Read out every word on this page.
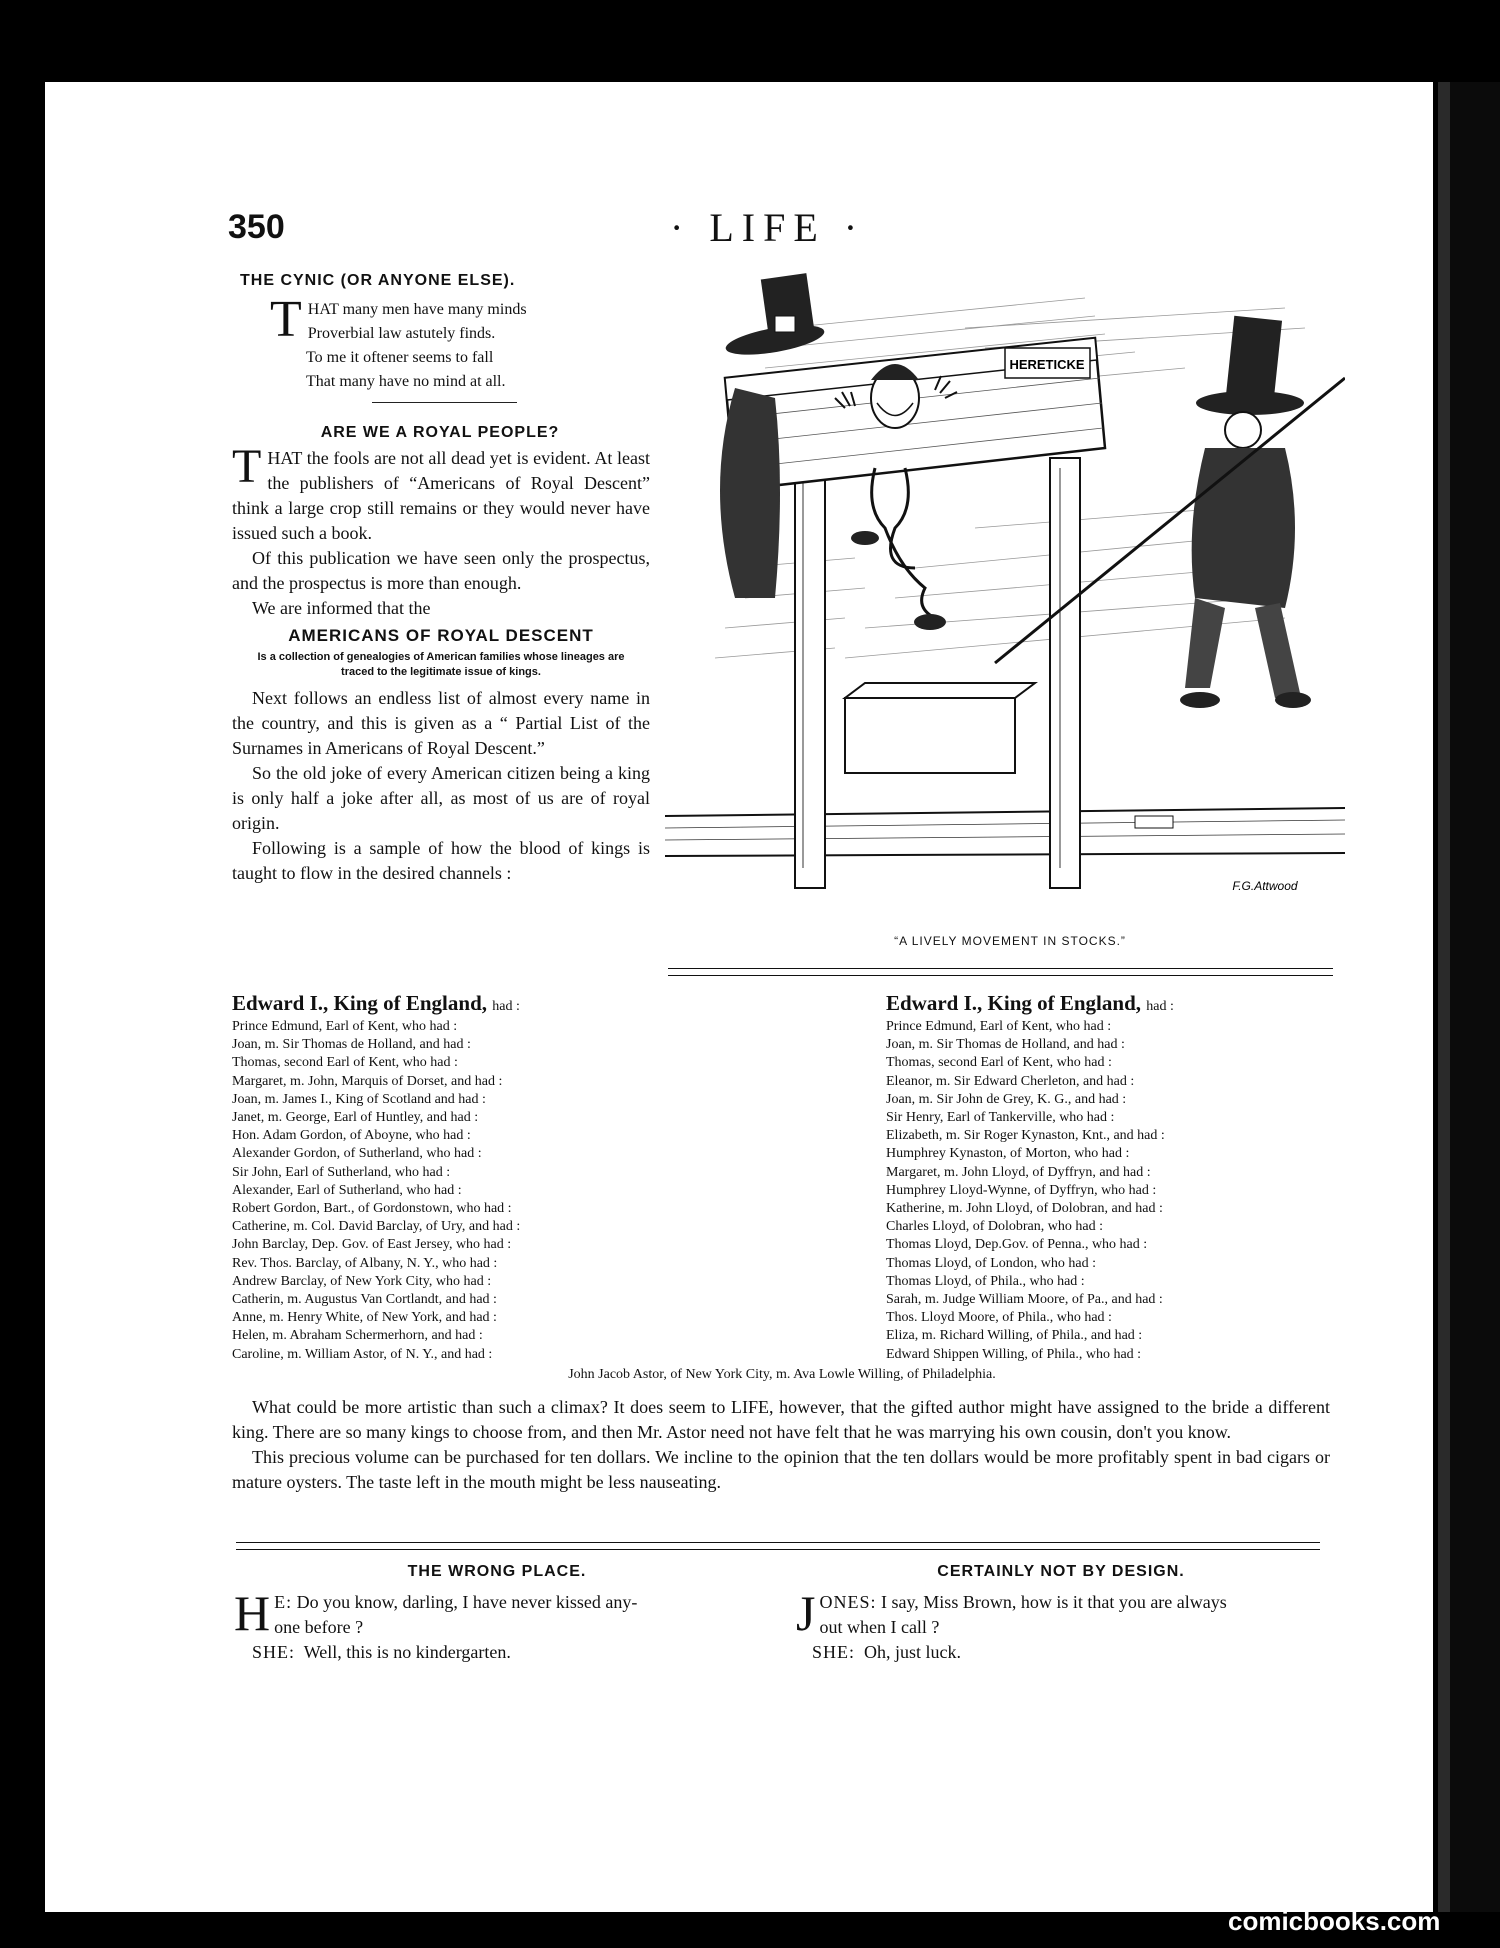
350	· LIFE ·
THE CYNIC (OR ANYONE ELSE).
T HAT many men have many minds
Proverbial law astutely finds.
To me it oftener seems to fall
That many have no mind at all.
ARE WE A ROYAL PEOPLE?

THAT the fools are not all dead yet is evident. At least the publishers of “Americans of Royal Descent” think a large crop still remains or they would never have issued such a book.

Of this publication we have seen only the prospectus, and the prospectus is more than enough.

We are informed that the

AMERICANS OF ROYAL DESCENT
Is a collection of genealogies of American families whose lineages are traced to the legitimate issue of kings.

Next follows an endless list of almost every name in the country, and this is given as a “ Partial List of the Surnames in Americans of Royal Descent.”

So the old joke of every American citizen being a king is only half a joke after all, as most of us are of royal origin.

Following is a sample of how the blood of kings is taught to flow in the desired channels :

HERETICKE
F.G.Attwood
“A LIVELY MOVEMENT IN STOCKS.”
Edward I., King of England, had :
Prince Edmund, Earl of Kent, who had :
Joan, m. Sir Thomas de Holland, and had :
Thomas, second Earl of Kent, who had :
Margaret, m. John, Marquis of Dorset, and had :
Joan, m. James I., King of Scotland and had :
Janet, m. George, Earl of Huntley, and had :
Hon. Adam Gordon, of Aboyne, who had :
Alexander Gordon, of Sutherland, who had :
Sir John, Earl of Sutherland, who had :
Alexander, Earl of Sutherland, who had :
Robert Gordon, Bart., of Gordonstown, who had :
Catherine, m. Col. David Barclay, of Ury, and had :
John Barclay, Dep. Gov. of East Jersey, who had :
Rev. Thos. Barclay, of Albany, N. Y., who had :
Andrew Barclay, of New York City, who had :
Catherin, m. Augustus Van Cortlandt, and had :
Anne, m. Henry White, of New York, and had :
Helen, m. Abraham Schermerhorn, and had :
Caroline, m. William Astor, of N. Y., and had :
Edward I., King of England, had :
Prince Edmund, Earl of Kent, who had :
Joan, m. Sir Thomas de Holland, and had :
Thomas, second Earl of Kent, who had :
Eleanor, m. Sir Edward Cherleton, and had :
Joan, m. Sir John de Grey, K. G., and had :
Sir Henry, Earl of Tankerville, who had :
Elizabeth, m. Sir Roger Kynaston, Knt., and had :
Humphrey Kynaston, of Morton, who had :
Margaret, m. John Lloyd, of Dyffryn, and had :
Humphrey Lloyd-Wynne, of Dyffryn, who had :
Katherine, m. John Lloyd, of Dolobran, and had :
Charles Lloyd, of Dolobran, who had :
Thomas Lloyd, Dep.Gov. of Penna., who had :
Thomas Lloyd, of London, who had :
Thomas Lloyd, of Phila., who had :
Sarah, m. Judge William Moore, of Pa., and had :
Thos. Lloyd Moore, of Phila., who had :
Eliza, m. Richard Willing, of Phila., and had :
Edward Shippen Willing, of Phila., who had :
John Jacob Astor, of New York City, m. Ava Lowle Willing, of Philadelphia.

What could be more artistic than such a climax? It does seem to LIFE, however, that the gifted author might have assigned to the bride a different king. There are so many kings to choose from, and then Mr. Astor need not have felt that he was marrying his own cousin, don't you know.

This precious volume can be purchased for ten dollars. We incline to the opinion that the ten dollars would be more profitably spent in bad cigars or mature oysters. The taste left in the mouth might be less nauseating.

THE WRONG PLACE.
H E: Do you know, darling, I have never kissed any-
one before ?
SHE: Well, this is no kindergarten.
CERTAINLY NOT BY DESIGN.
J ONES: I say, Miss Brown, how is it that you are always
out when I call ?
SHE: Oh, just luck.
comicbooks.com
